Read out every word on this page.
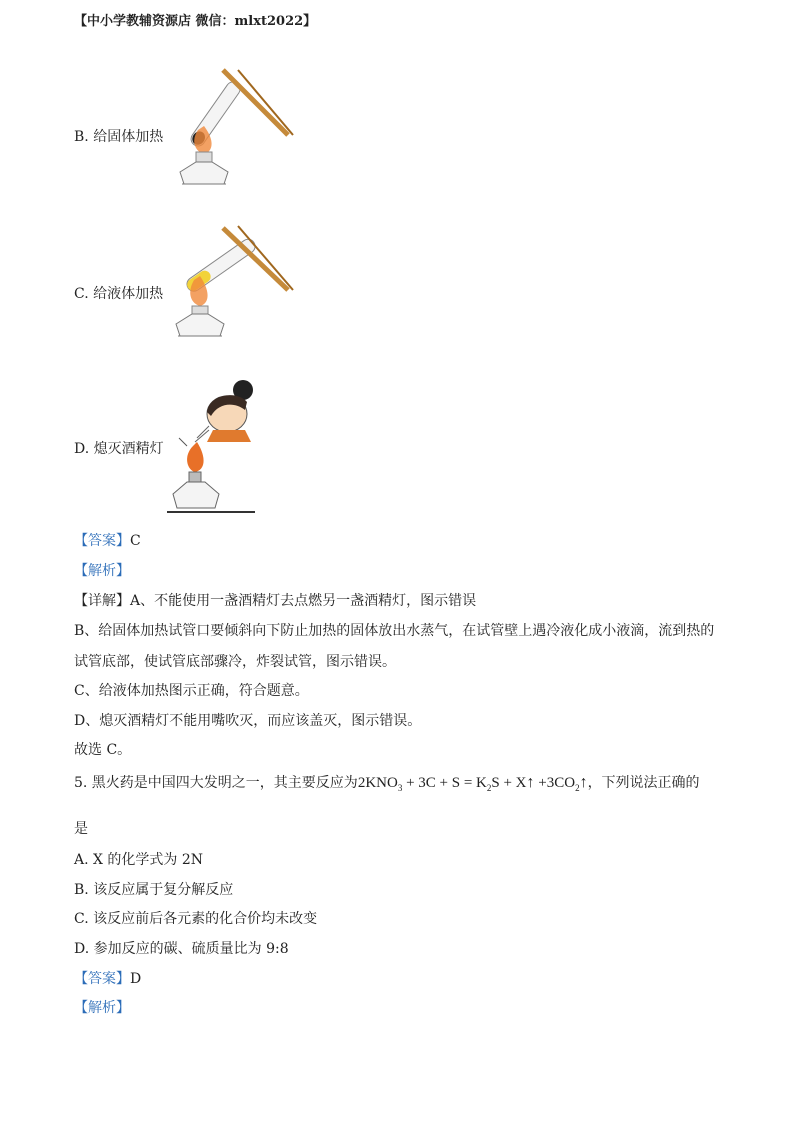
【中小学教辅资源店 微信：mlxt2022】
B. 给固体加热
C. 给液体加热
D. 熄灭酒精灯
【答案】C
【解析】
【详解】A、不能使用一盏酒精灯去点燃另一盏酒精灯，图示错误
B、给固体加热试管口要倾斜向下防止加热的固体放出水蒸气，在试管壁上遇冷液化成小液滴，流到热的
试管底部，使试管底部骤冷，炸裂试管，图示错误。
C、给液体加热图示正确，符合题意。
D、熄灭酒精灯不能用嘴吹灭，而应该盖灭，图示错误。
故选 C。
5. 黑火药是中国四大发明之一，其主要反应为$2KNO_3 + 3C + S = K_2S$ + X↑ $+3CO_2↑$，下列说法正确的
是
A. X 的化学式为 2N
B. 该反应属于复分解反应
C. 该反应前后各元素的化合价均未改变
D. 参加反应的碳、硫质量比为 9:8
【答案】D
【解析】
